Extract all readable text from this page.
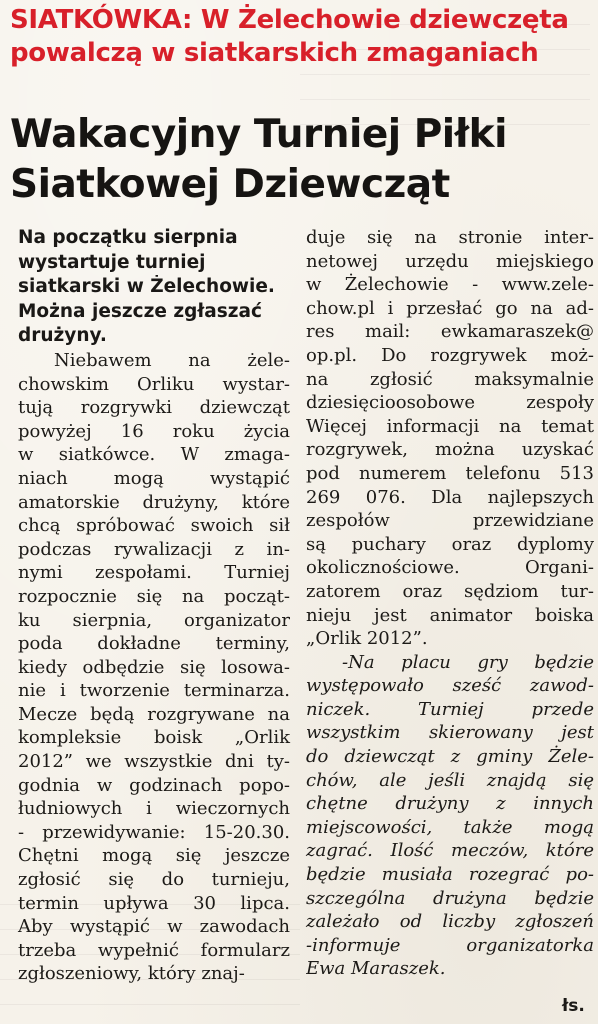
SIATKÓWKA: W Żelechowie dziewczęta powalczą w siatkarskich zmaganiach
Wakacyjny Turniej Piłki
Siatkowej Dziewcząt
Na początku sierpnia
wystartuje turniej
siatkarski w Żelechowie.
Można jeszcze zgłaszać
drużyny.
Niebawem na żele-
chowskim Orliku wystar-
tują rozgrywki dziewcząt
powyżej 16 roku życia
w siatkówce. W zmaga-
niach mogą wystąpić
amatorskie drużyny, które
chcą spróbować swoich sił
podczas rywalizacji z in-
nymi zespołami. Turniej
rozpocznie się na począt-
ku sierpnia, organizator
poda dokładne terminy,
kiedy odbędzie się losowa-
nie i tworzenie terminarza.
Mecze będą rozgrywane na
kompleksie boisk „Orlik
2012” we wszystkie dni ty-
godnia w godzinach popo-
łudniowych i wieczornych
- przewidywanie: 15-20.30.
Chętni mogą się jeszcze
zgłosić się do turnieju,
termin upływa 30 lipca.
Aby wystąpić w zawodach
trzeba wypełnić formularz
zgłoszeniowy, który znaj-
duje się na stronie inter-
netowej urzędu miejskiego
w Żelechowie - www.zele-
chow.pl i przesłać go na ad-
res mail: ewkamaraszek@
op.pl. Do rozgrywek moż-
na zgłosić maksymalnie
dziesięcioosobowe zespoły
Więcej informacji na temat
rozgrywek, można uzyskać
pod numerem telefonu 513
269 076. Dla najlepszych
zespołów przewidziane
są puchary oraz dyplomy
okolicznościowe. Organi-
zatorem oraz sędziom tur-
nieju jest animator boiska
„Orlik 2012”.
-Na placu gry będzie
występowało sześć zawod-
niczek. Turniej przede
wszystkim skierowany jest
do dziewcząt z gminy Żele-
chów, ale jeśli znajdą się
chętne drużyny z innych
miejscowości, także mogą
zagrać. Ilość meczów, które
będzie musiała rozegrać po-
szczególna drużyna będzie
zależało od liczby zgłoszeń
-informuje organizatorka
Ewa Maraszek.
łs.
